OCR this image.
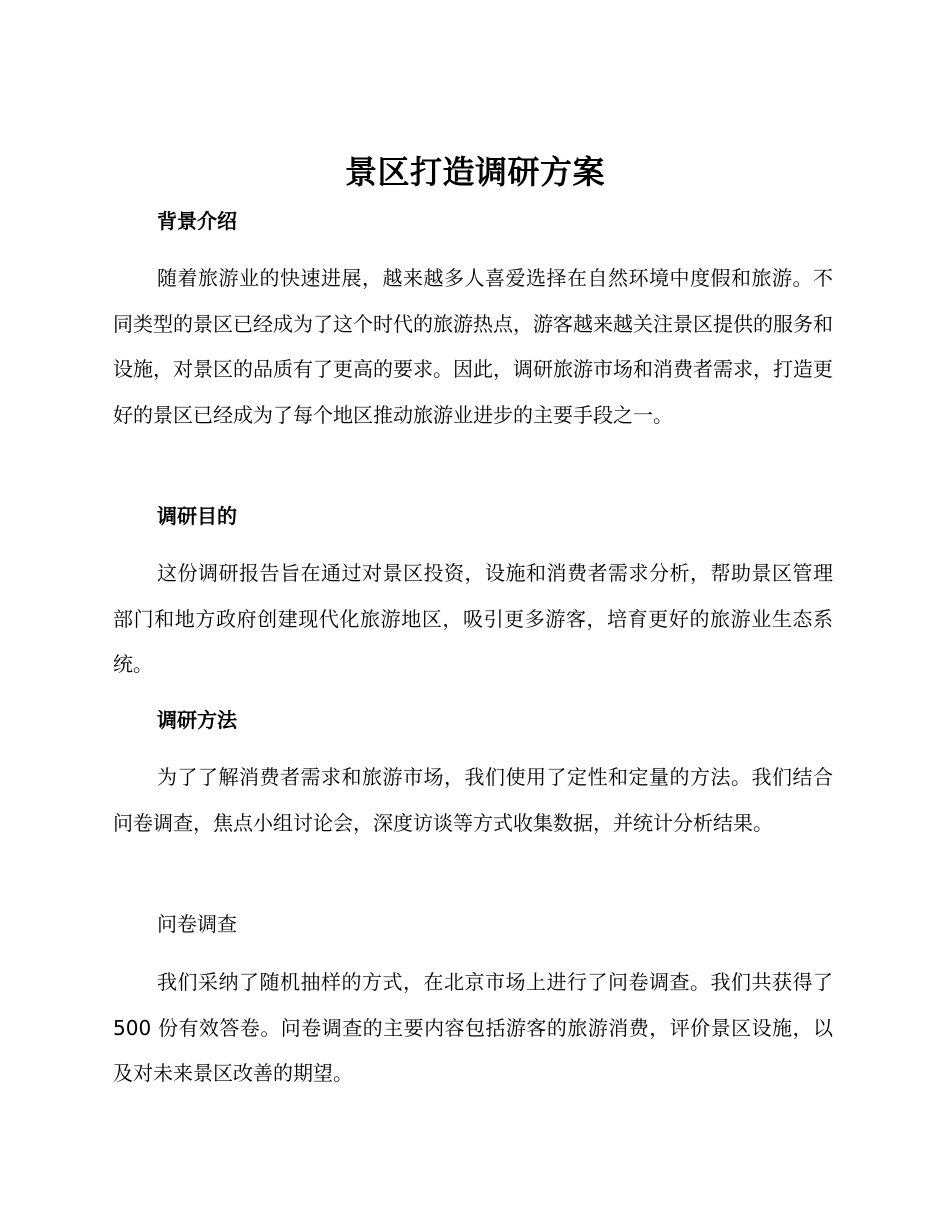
景区打造调研方案
背景介绍

随着旅游业的快速进展，越来越多人喜爱选择在自然环境中度假和旅游。不同类型的景区已经成为了这个时代的旅游热点，游客越来越关注景区提供的服务和设施，对景区的品质有了更高的要求。因此，调研旅游市场和消费者需求，打造更好的景区已经成为了每个地区推动旅游业进步的主要手段之一。

调研目的

这份调研报告旨在通过对景区投资，设施和消费者需求分析，帮助景区管理部门和地方政府创建现代化旅游地区，吸引更多游客，培育更好的旅游业生态系统。

调研方法

为了了解消费者需求和旅游市场，我们使用了定性和定量的方法。我们结合问卷调查，焦点小组讨论会，深度访谈等方式收集数据，并统计分析结果。

问卷调查

我们采纳了随机抽样的方式，在北京市场上进行了问卷调查。我们共获得了 500 份有效答卷。问卷调查的主要内容包括游客的旅游消费，评价景区设施，以及对未来景区改善的期望。
